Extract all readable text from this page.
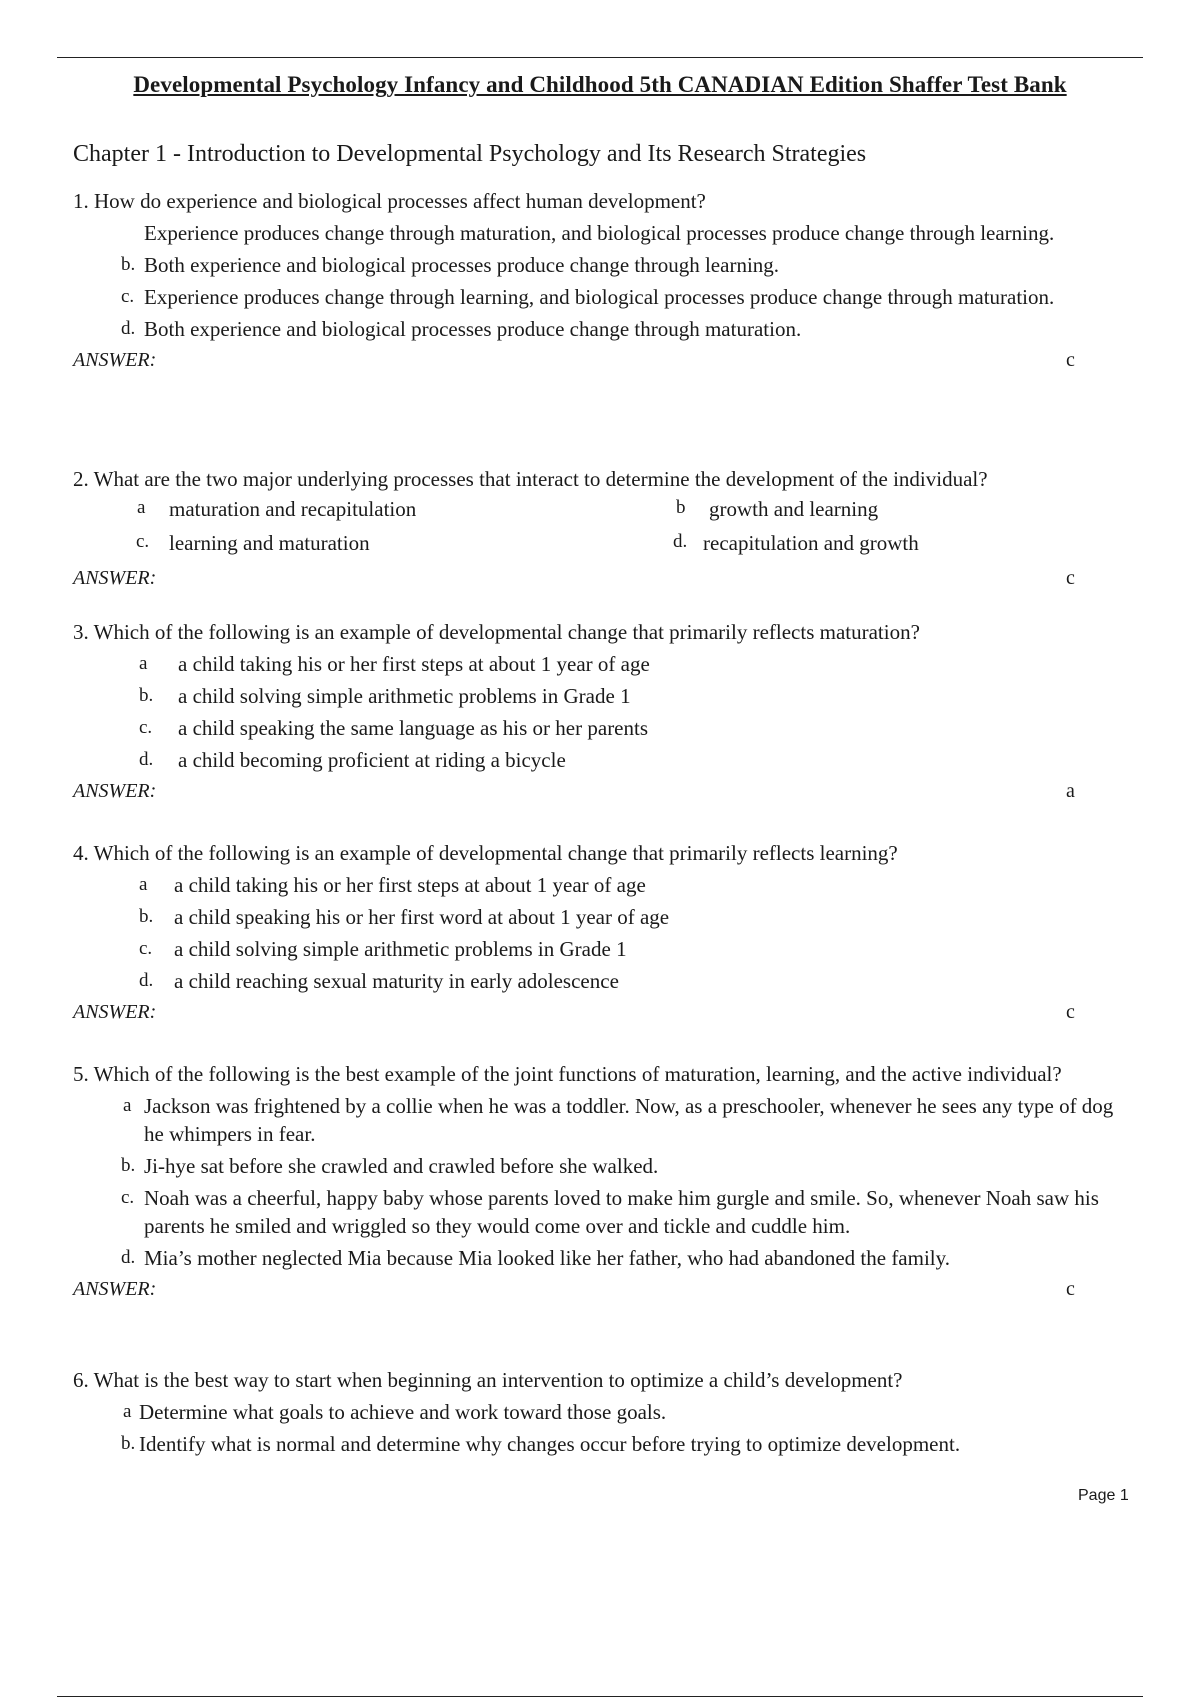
Developmental Psychology Infancy and Childhood 5th CANADIAN Edition Shaffer Test Bank
Chapter 1 - Introduction to Developmental Psychology and Its Research Strategies
1. How do experience and biological processes affect human development?
Experience produces change through maturation, and biological processes produce change through learning.
b. Both experience and biological processes produce change through learning.
c. Experience produces change through learning, and biological processes produce change through maturation.
d. Both experience and biological processes produce change through maturation.
ANSWER:	c
2. What are the two major underlying processes that interact to determine the development of the individual?
a maturation and recapitulation	b growth and learning
c. learning and maturation	d. recapitulation and growth
ANSWER:	c
3. Which of the following is an example of developmental change that primarily reflects maturation?
a a child taking his or her first steps at about 1 year of age
b. a child solving simple arithmetic problems in Grade 1
c. a child speaking the same language as his or her parents
d. a child becoming proficient at riding a bicycle
ANSWER:	a
4. Which of the following is an example of developmental change that primarily reflects learning?
a a child taking his or her first steps at about 1 year of age
b. a child speaking his or her first word at about 1 year of age
c. a child solving simple arithmetic problems in Grade 1
d. a child reaching sexual maturity in early adolescence
ANSWER:	c
5. Which of the following is the best example of the joint functions of maturation, learning, and the active individual?
a Jackson was frightened by a collie when he was a toddler. Now, as a preschooler, whenever he sees any type of dog he whimpers in fear.
b. Ji-hye sat before she crawled and crawled before she walked.
c. Noah was a cheerful, happy baby whose parents loved to make him gurgle and smile. So, whenever Noah saw his parents he smiled and wriggled so they would come over and tickle and cuddle him.
d. Mia’s mother neglected Mia because Mia looked like her father, who had abandoned the family.
ANSWER:	c
6. What is the best way to start when beginning an intervention to optimize a child’s development?
a Determine what goals to achieve and work toward those goals.
b. Identify what is normal and determine why changes occur before trying to optimize development.
Page 1
